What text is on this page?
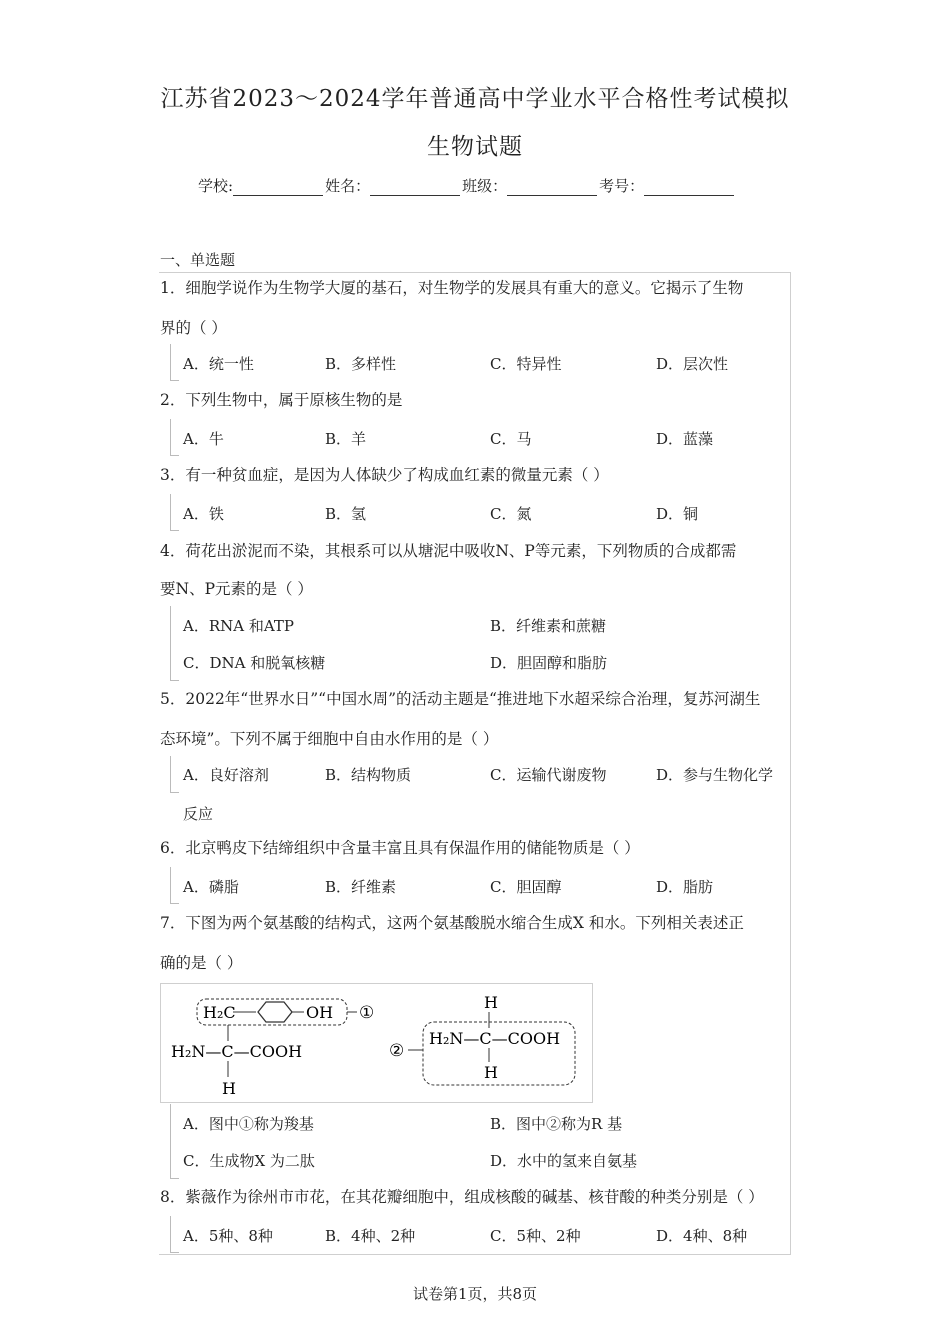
江苏省2023～2024学年普通高中学业水平合格性考试模拟
生物试题
学校:	姓名：	班级：	考号：
一、单选题
1．细胞学说作为生物学大厦的基石，对生物学的发展具有重大的意义。它揭示了生物
界的（ ）
A．统一性	B．多样性	C．特异性	D．层次性
2．下列生物中，属于原核生物的是
A．牛	B．羊	C．马	D．蓝藻
3．有一种贫血症，是因为人体缺少了构成血红素的微量元素（ ）
A．铁	B．氢	C．氮	D．铜
4．荷花出淤泥而不染，其根系可以从塘泥中吸收N、P等元素，下列物质的合成都需
要N、P元素的是（ ）
A．RNA 和ATP	B．纤维素和蔗糖
C．DNA 和脱氧核糖	D．胆固醇和脂肪
5．2022年“世界水日”“中国水周”的活动主题是“推进地下水超采综合治理，复苏河湖生
态环境”。下列不属于细胞中自由水作用的是（ ）
A．良好溶剂	B．结构物质	C．运输代谢废物	D．参与生物化学
反应
6．北京鸭皮下结缔组织中含量丰富且具有保温作用的储能物质是（ ）
A．磷脂	B．纤维素	C．胆固醇	D．脂肪
7．下图为两个氨基酸的结构式，这两个氨基酸脱水缩合生成X 和水。下列相关表述正
确的是（ ）
H₂C	OH ①
H₂N—C—COOH
H
H
②
H₂N—C—COOH
H
A．图中①称为羧基	B．图中②称为R 基
C．生成物X 为二肽	D．水中的氢来自氨基
8．紫薇作为徐州市市花，在其花瓣细胞中，组成核酸的碱基、核苷酸的种类分别是（ ）
A．5种、8种	B．4种、2种	C．5种、2种	D．4种、8种
试卷第1页，共8页
